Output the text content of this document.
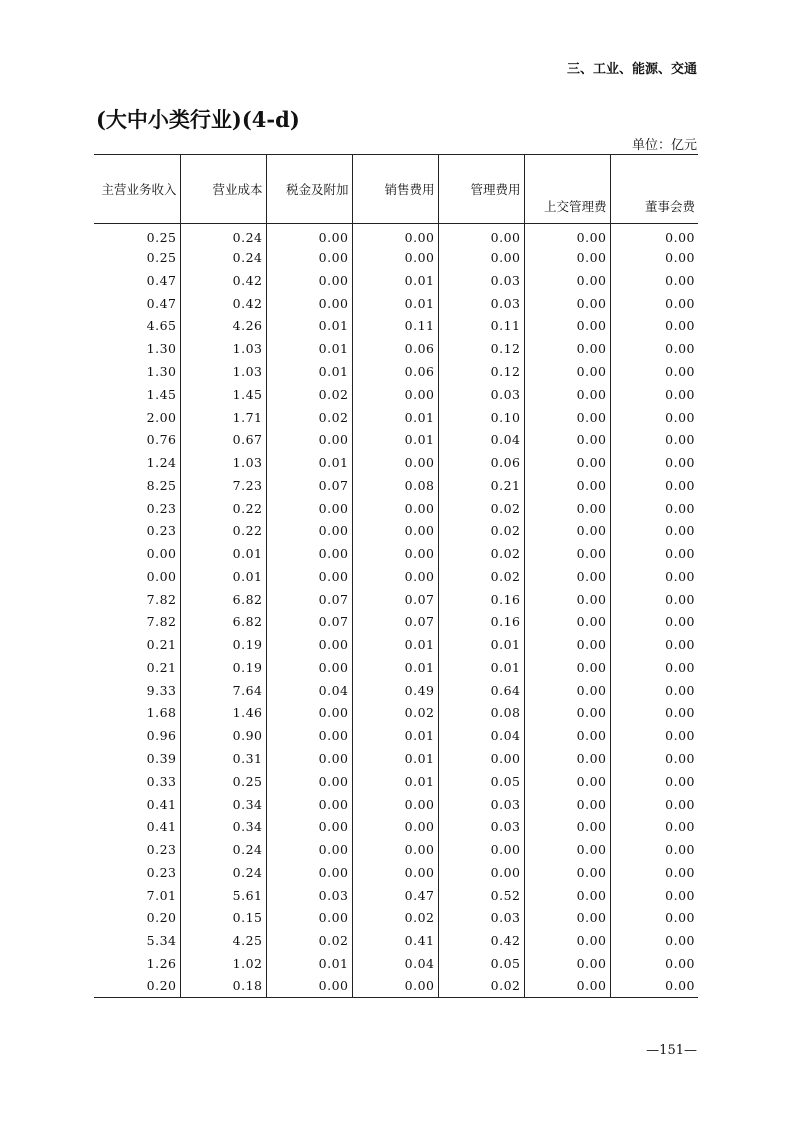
三、工业、能源、交通
(大中小类行业)(4-d)
单位：亿元
主营业务收入	营业成本	税金及附加	销售费用	管理费用	上交管理费	董事会费
0.25	0.24	0.00	0.00	0.00	0.00	0.00
0.25	0.24	0.00	0.00	0.00	0.00	0.00
0.47	0.42	0.00	0.01	0.03	0.00	0.00
0.47	0.42	0.00	0.01	0.03	0.00	0.00
4.65	4.26	0.01	0.11	0.11	0.00	0.00
1.30	1.03	0.01	0.06	0.12	0.00	0.00
1.30	1.03	0.01	0.06	0.12	0.00	0.00
1.45	1.45	0.02	0.00	0.03	0.00	0.00
2.00	1.71	0.02	0.01	0.10	0.00	0.00
0.76	0.67	0.00	0.01	0.04	0.00	0.00
1.24	1.03	0.01	0.00	0.06	0.00	0.00
8.25	7.23	0.07	0.08	0.21	0.00	0.00
0.23	0.22	0.00	0.00	0.02	0.00	0.00
0.23	0.22	0.00	0.00	0.02	0.00	0.00
0.00	0.01	0.00	0.00	0.02	0.00	0.00
0.00	0.01	0.00	0.00	0.02	0.00	0.00
7.82	6.82	0.07	0.07	0.16	0.00	0.00
7.82	6.82	0.07	0.07	0.16	0.00	0.00
0.21	0.19	0.00	0.01	0.01	0.00	0.00
0.21	0.19	0.00	0.01	0.01	0.00	0.00
9.33	7.64	0.04	0.49	0.64	0.00	0.00
1.68	1.46	0.00	0.02	0.08	0.00	0.00
0.96	0.90	0.00	0.01	0.04	0.00	0.00
0.39	0.31	0.00	0.01	0.00	0.00	0.00
0.33	0.25	0.00	0.01	0.05	0.00	0.00
0.41	0.34	0.00	0.00	0.03	0.00	0.00
0.41	0.34	0.00	0.00	0.03	0.00	0.00
0.23	0.24	0.00	0.00	0.00	0.00	0.00
0.23	0.24	0.00	0.00	0.00	0.00	0.00
7.01	5.61	0.03	0.47	0.52	0.00	0.00
0.20	0.15	0.00	0.02	0.03	0.00	0.00
5.34	4.25	0.02	0.41	0.42	0.00	0.00
1.26	1.02	0.01	0.04	0.05	0.00	0.00
0.20	0.18	0.00	0.00	0.02	0.00	0.00
—151—
